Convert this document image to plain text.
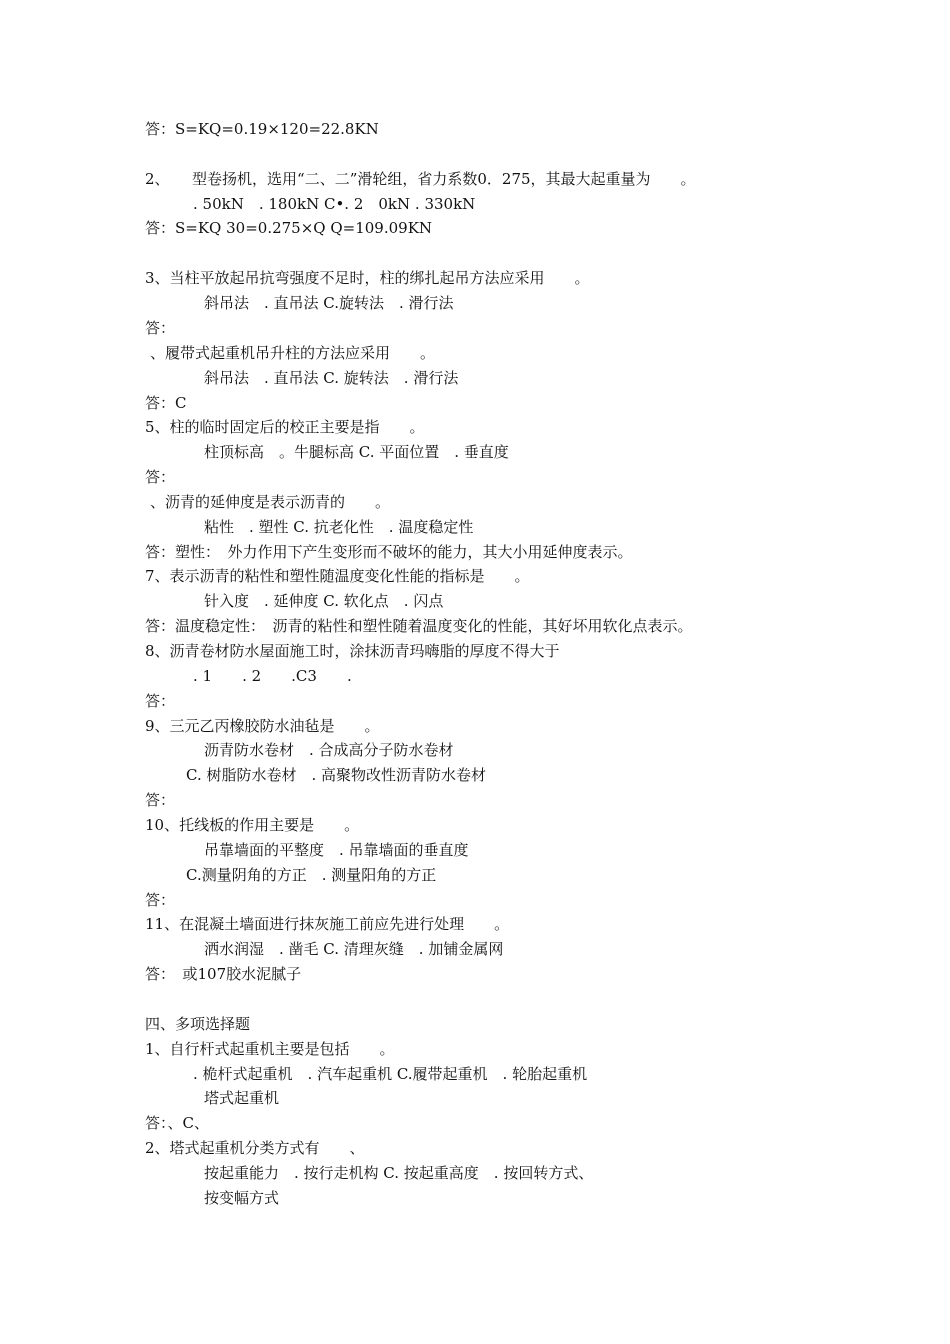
答：S=KQ=0.19×120=22.8KN

2、　　型卷扬机，选用“二、二”滑轮组，省力系数0．275，其最大起重量为　　。

. 50kN　. 180kN C•. 2　0kN . 330kN

答：S=KQ 30=0.275×Q Q=109.09KN

3、当柱平放起吊抗弯强度不足时，柱的绑扎起吊方法应采用　　。

斜吊法　. 直吊法 C.旋转法　. 滑行法

答：

、履带式起重机吊升柱的方法应采用　　。

斜吊法　. 直吊法 C. 旋转法　. 滑行法

答：C

5、柱的临时固定后的校正主要是指　　。

柱顶标高　。牛腿标高 C. 平面位置　. 垂直度

答：

、沥青的延伸度是表示沥青的　　。

粘性　. 塑性 C. 抗老化性　. 温度稳定性

答：塑性：　外力作用下产生变形而不破坏的能力，其大小用延伸度表示。

7、表示沥青的粘性和塑性随温度变化性能的指标是　　。

针入度　. 延伸度 C. 软化点　. 闪点

答：温度稳定性：　沥青的粘性和塑性随着温度变化的性能，其好坏用软化点表示。

8、沥青卷材防水屋面施工时，涂抹沥青玛嗨脂的厚度不得大于

. 1　　. 2　　.C3　　.

答：

9、三元乙丙橡胶防水油毡是　　。

沥青防水卷材　. 合成高分子防水卷材

C. 树脂防水卷材　. 高聚物改性沥青防水卷材

答：

10、托线板的作用主要是　　。

吊靠墙面的平整度　. 吊靠墙面的垂直度

C.测量阴角的方正　. 测量阳角的方正

答：

11、在混凝土墙面进行抹灰施工前应先进行处理　　。

洒水润湿　. 凿毛 C. 清理灰缝　. 加铺金属网

答：　或107胶水泥腻子

四、多项选择题

1、自行杆式起重机主要是包括　　。

. 桅杆式起重机　. 汽车起重机 C.履带起重机　. 轮胎起重机

塔式起重机

答：、C、

2、塔式起重机分类方式有　　、

按起重能力　. 按行走机构 C. 按起重高度　. 按回转方式、

按变幅方式
